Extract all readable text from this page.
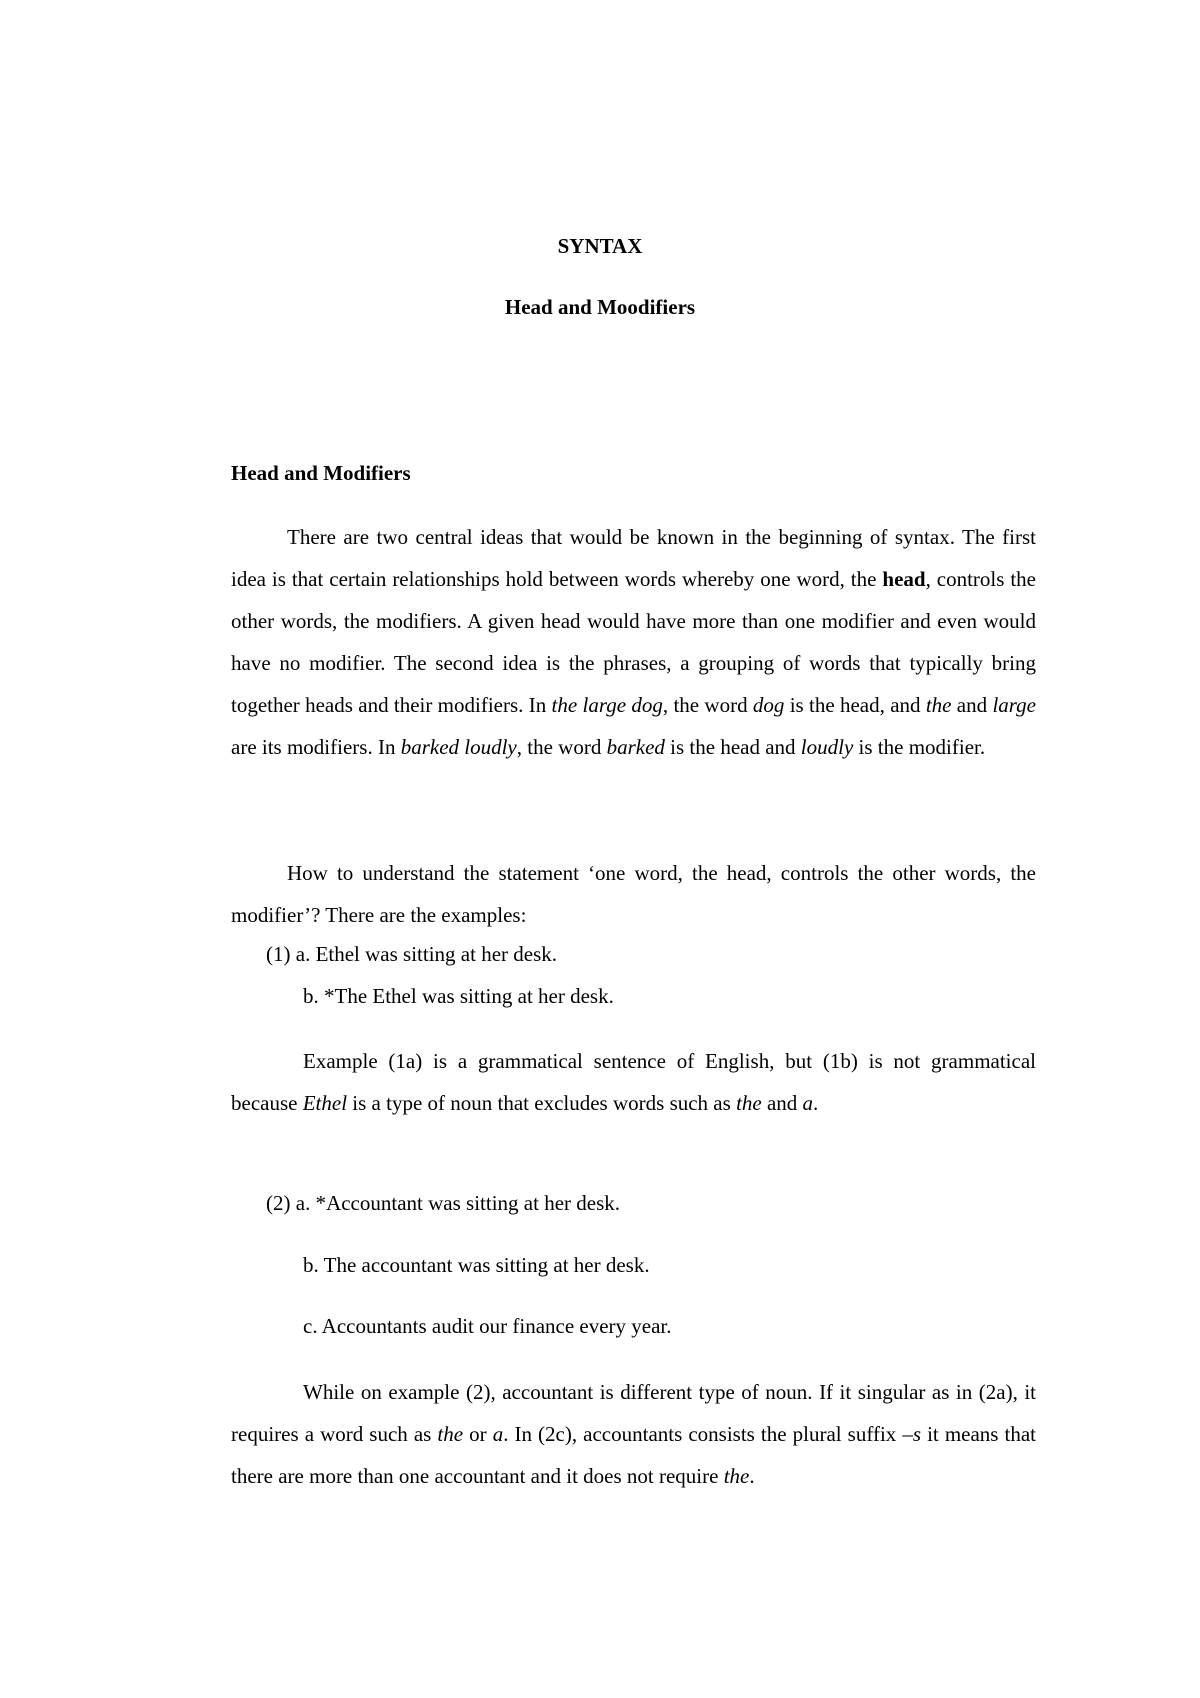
SYNTAX
Head and Moodifiers
Head and Modifiers

There are two central ideas that would be known in the beginning of syntax. The first idea is that certain relationships hold between words whereby one word, the head, controls the other words, the modifiers. A given head would have more than one modifier and even would have no modifier. The second idea is the phrases, a grouping of words that typically bring together heads and their modifiers. In the large dog, the word dog is the head, and the and large are its modifiers. In barked loudly, the word barked is the head and loudly is the modifier.

How to understand the statement ‘one word, the head, controls the other words, the modifier’? There are the examples:

(1) a. Ethel was sitting at her desk.
b. *The Ethel was sitting at her desk.

Example (1a) is a grammatical sentence of English, but (1b) is not grammatical because Ethel is a type of noun that excludes words such as the and a.

(2) a. *Accountant was sitting at her desk.
b. The accountant was sitting at her desk.
c. Accountants audit our finance every year.

While on example (2), accountant is different type of noun. If it singular as in (2a), it requires a word such as the or a. In (2c), accountants consists the plural suffix –s it means that there are more than one accountant and it does not require the.
